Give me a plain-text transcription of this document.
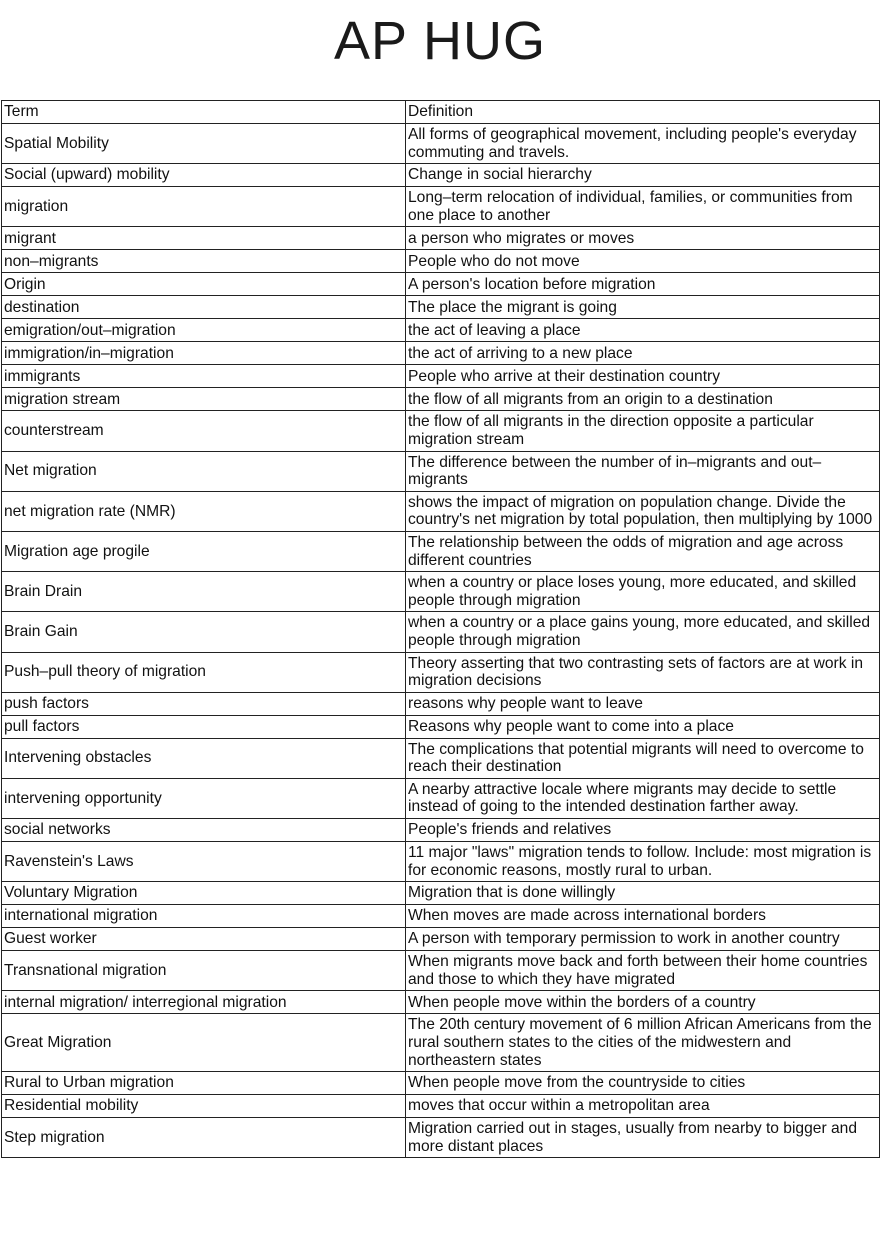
AP HUG
Term	Definition
Spatial Mobility	All forms of geographical movement, including people's everyday commuting and travels.
Social (upward) mobility	Change in social hierarchy
migration	Long–term relocation of individual, families, or communities from one place to another
migrant	a person who migrates or moves
non–migrants	People who do not move
Origin	A person's location before migration
destination	The place the migrant is going
emigration/out–migration	the act of leaving a place
immigration/in–migration	the act of arriving to a new place
immigrants	People who arrive at their destination country
migration stream	the flow of all migrants from an origin to a destination
counterstream	the flow of all migrants in the direction opposite a particular migration stream
Net migration	The difference between the number of in–migrants and out–migrants
net migration rate (NMR)	shows the impact of migration on population change. Divide the country's net migration by total population, then multiplying by 1000
Migration age progile	The relationship between the odds of migration and age across different countries
Brain Drain	when a country or place loses young, more educated, and skilled people through migration
Brain Gain	when a country or a place gains young, more educated, and skilled people through migration
Push–pull theory of migration	Theory asserting that two contrasting sets of factors are at work in migration decisions
push factors	reasons why people want to leave
pull factors	Reasons why people want to come into a place
Intervening obstacles	The complications that potential migrants will need to overcome to reach their destination
intervening opportunity	A nearby attractive locale where migrants may decide to settle instead of going to the intended destination farther away.
social networks	People's friends and relatives
Ravenstein's Laws	11 major "laws" migration tends to follow. Include: most migration is for economic reasons, mostly rural to urban.
Voluntary Migration	Migration that is done willingly
international migration	When moves are made across international borders
Guest worker	A person with temporary permission to work in another country
Transnational migration	When migrants move back and forth between their home countries and those to which they have migrated
internal migration/ interregional migration	When people move within the borders of a country
Great Migration	The 20th century movement of 6 million African Americans from the rural southern states to the cities of the midwestern and northeastern states
Rural to Urban migration	When people move from the countryside to cities
Residential mobility	moves that occur within a metropolitan area
Step migration	Migration carried out in stages, usually from nearby to bigger and more distant places
